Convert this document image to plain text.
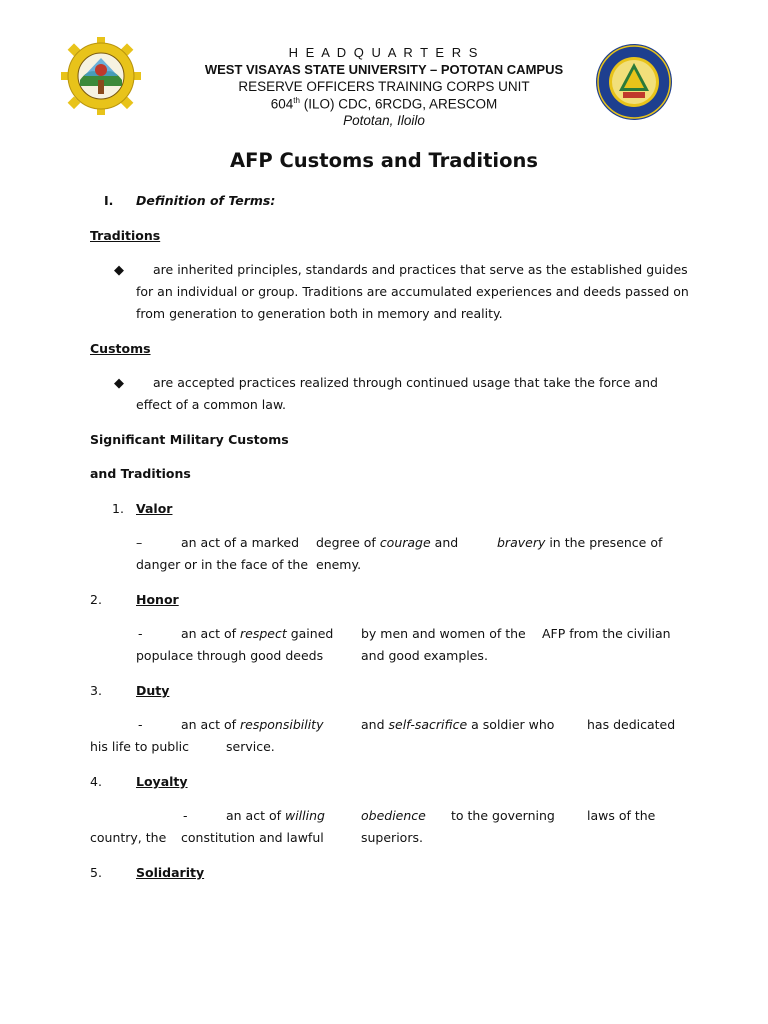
H E A D Q U A R T E R S
WEST VISAYAS STATE UNIVERSITY – POTOTAN CAMPUS
RESERVE OFFICERS TRAINING CORPS UNIT
604th (ILO) CDC, 6RCDG, ARESCOM
Pototan, Iloilo
AFP Customs and Traditions
I. Definition of Terms:
Traditions
◆ are inherited principles, standards and practices that serve as the established guides
for an individual or group. Traditions are accumulated experiences and deeds passed on
from generation to generation both in memory and reality.
Customs
◆ are accepted practices realized through continued usage that take the force and
effect of a common law.
Significant Military Customs
and Traditions
1. Valor
–	an act of a marked degree of courage and	bravery in the presence of
danger or in the face of the enemy.
2.	Honor
-	an act of respect gained by men and women of the AFP from the civilian
populace through good deeds	and good examples.
3.	Duty
-	an act of responsibility	and self-sacrifice a soldier who	has dedicated
his life to public	service.
4.	Loyalty
-	an act of willing	obedience to the governing	laws of the
country, the constitution and lawful	superiors.
5.	Solidarity
